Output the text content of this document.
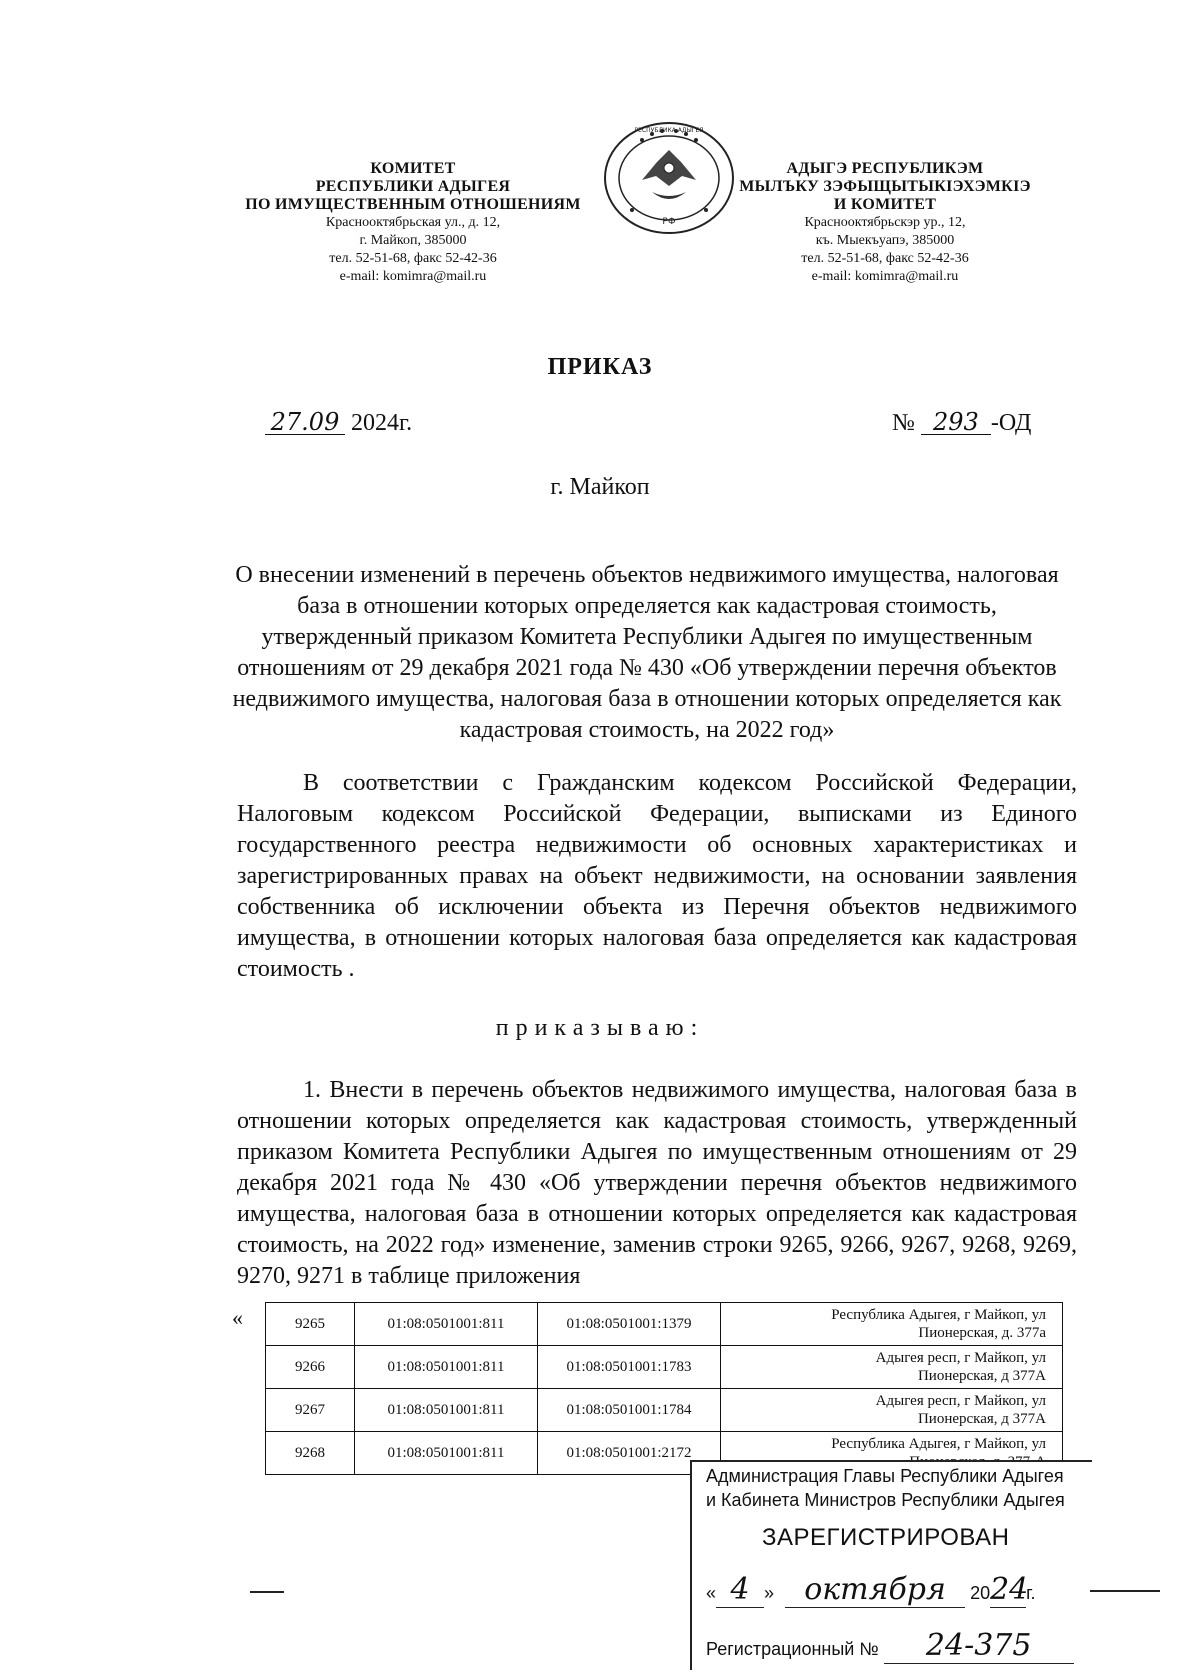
КОМИТЕТ
РЕСПУБЛИКИ АДЫГЕЯ
ПО ИМУЩЕСТВЕННЫМ ОТНОШЕНИЯМ
Краснооктябрьская ул., д. 12,
г. Майкоп, 385000
тел. 52-51-68, факс 52-42-36
e-mail: komimra@mail.ru
РФ
РЕСПУБЛИКА АДЫГЕЯ
АДЫГЭ РЕСПУБЛИКЭМ
МЫЛЪКУ ЗЭФЫЩЫТЫКIЭХЭМКIЭ
И КОМИТЕТ
Краснооктябрьскэр ур., 12,
къ. Мыекъуапэ, 385000
тел. 52-51-68, факс 52-42-36
e-mail: komimra@mail.ru
ПРИКАЗ
27.09 2024г.	№ 293 -ОД
г. Майкоп
О внесении изменений в перечень объектов недвижимого имущества, налоговая база в отношении которых определяется как кадастровая стоимость, утвержденный приказом Комитета Республики Адыгея по имущественным отношениям от 29 декабря 2021 года № 430 «Об утверждении перечня объектов недвижимого имущества, налоговая база в отношении которых определяется как кадастровая стоимость, на 2022 год»
В соответствии с Гражданским кодексом Российской Федерации, Налоговым кодексом Российской Федерации, выписками из Единого государственного реестра недвижимости об основных характеристиках и зарегистрированных правах на объект недвижимости, на основании заявления собственника об исключении объекта из Перечня объектов недвижимого имущества, в отношении которых налоговая база определяется как кадастровая стоимость .
приказываю:
1. Внести в перечень объектов недвижимого имущества, налоговая база в отношении которых определяется как кадастровая стоимость, утвержденный приказом Комитета Республики Адыгея по имущественным отношениям от 29 декабря 2021 года № 430 «Об утверждении перечня объектов недвижимого имущества, налоговая база в отношении которых определяется как кадастровая стоимость, на 2022 год» изменение, заменив строки 9265, 9266, 9267, 9268, 9269, 9270, 9271 в таблице приложения
«	9265	01:08:0501001:811	01:08:0501001:1379	Республика Адыгея, г Майкоп, ул
Пионерская, д. 377а

9266	01:08:0501001:811	01:08:0501001:1783	Адыгея респ, г Майкоп, ул
Пионерская, д 377А

9267	01:08:0501001:811	01:08:0501001:1784	Адыгея респ, г Майкоп, ул
Пионерская, д 377А

9268	01:08:0501001:811	01:08:0501001:2172	Республика Адыгея, г Майкоп, ул
Администрация Главы Республики Адыгея
и Кабинета Министров Республики Адыгея
ЗАРЕГИСТРИРОВАН
« 4 » октября 2024г.
Регистрационный № 24-375
